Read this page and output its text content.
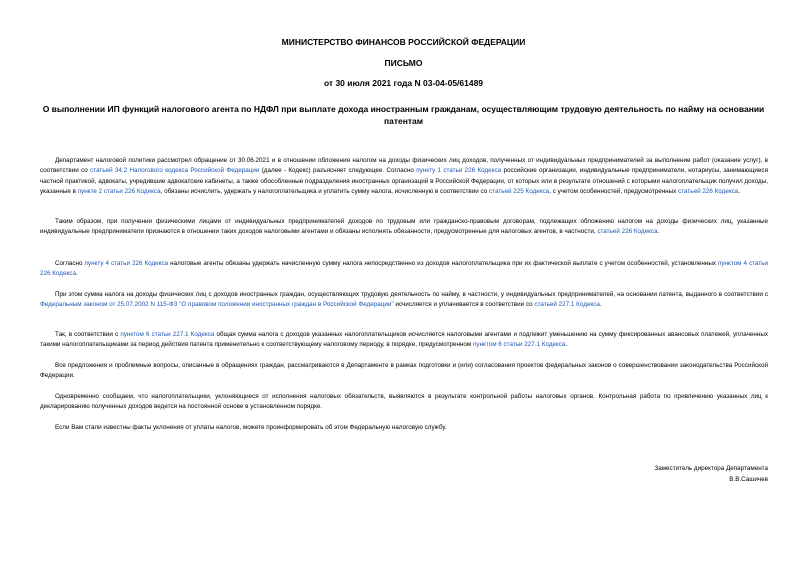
МИНИСТЕРСТВО ФИНАНСОВ РОССИЙСКОЙ ФЕДЕРАЦИИ
ПИСЬМО
от 30 июля 2021 года N 03-04-05/61489
О выполнении ИП функций налогового агента по НДФЛ при выплате дохода иностранным гражданам, осуществляющим трудовую деятельность по найму на основании патентам

Департамент налоговой политики рассмотрел обращение от 30.06.2021 и в отношении обложения налогом на доходы физических лиц доходов, полученных от индивидуальных предпринимателей за выполнение работ (оказание услуг), в соответствии со статьей 34.2 Налогового кодекса Российской Федерации (далее - Кодекс) разъясняет следующее. Согласно пункту 1 статьи 226 Кодекса российские организации, индивидуальные предприниматели, нотариусы, занимающиеся частной практикой, адвокаты, учредившие адвокатские кабинеты, а также обособленные подразделения иностранных организаций в Российской Федерации, от которых или в результате отношений с которыми налогоплательщик получил доходы, указанные в пункте 2 статьи 226 Кодекса, обязаны исчислить, удержать у налогоплательщика и уплатить сумму налога, исчисленную в соответствии со статьей 225 Кодекса, с учетом особенностей, предусмотренных статьей 226 Кодекса.

Таким образом, при получении физическими лицами от индивидуальных предпринимателей доходов по трудовым или гражданско-правовым договорам, подлежащих обложению налогом на доходы физических лиц, указанные индивидуальные предприниматели признаются в отношении таких доходов налоговыми агентами и обязаны исполнять обязанности, предусмотренные для налоговых агентов, в частности, статьей 226 Кодекса.

Согласно пункту 4 статьи 226 Кодекса налоговые агенты обязаны удержать начисленную сумму налога непосредственно из доходов налогоплательщика при их фактической выплате с учетом особенностей, установленных пунктом 4 статьи 226 Кодекса.

При этом сумма налога на доходы физических лиц с доходов иностранных граждан, осуществляющих трудовую деятельность по найму, в частности, у индивидуальных предпринимателей, на основании патента, выданного в соответствии с Федеральным законом от 25.07.2002 N 115-ФЗ "О правовом положении иностранных граждан в Российской Федерации" исчисляется и уплачивается в соответствии со статьей 227.1 Кодекса.

Так, в соответствии с пунктом 6 статьи 227.1 Кодекса общая сумма налога с доходов указанных налогоплательщиков исчисляется налоговыми агентами и подлежит уменьшению на сумму фиксированных авансовых платежей, уплаченных такими налогоплательщиками за период действия патента применительно к соответствующему налоговому периоду, в порядке, предусмотренном пунктом 6 статьи 227.1 Кодекса.

Все предложения и проблемные вопросы, описанные в обращениях граждан, рассматриваются в Департаменте в рамках подготовки и (или) согласования проектов федеральных законов о совершенствовании законодательства Российской Федерации.

Одновременно сообщаем, что налогоплательщики, уклоняющиеся от исполнения налоговых обязательств, выявляются в результате контрольной работы налоговых органов. Контрольная работа по привлечению указанных лиц к декларированию полученных доходов ведется на постоянной основе в установленном порядке.

Если Вам стали известны факты уклонения от уплаты налогов, можете проинформировать об этом Федеральную налоговую службу.

Заместитель директора Департамента
В.В.Сашичев
